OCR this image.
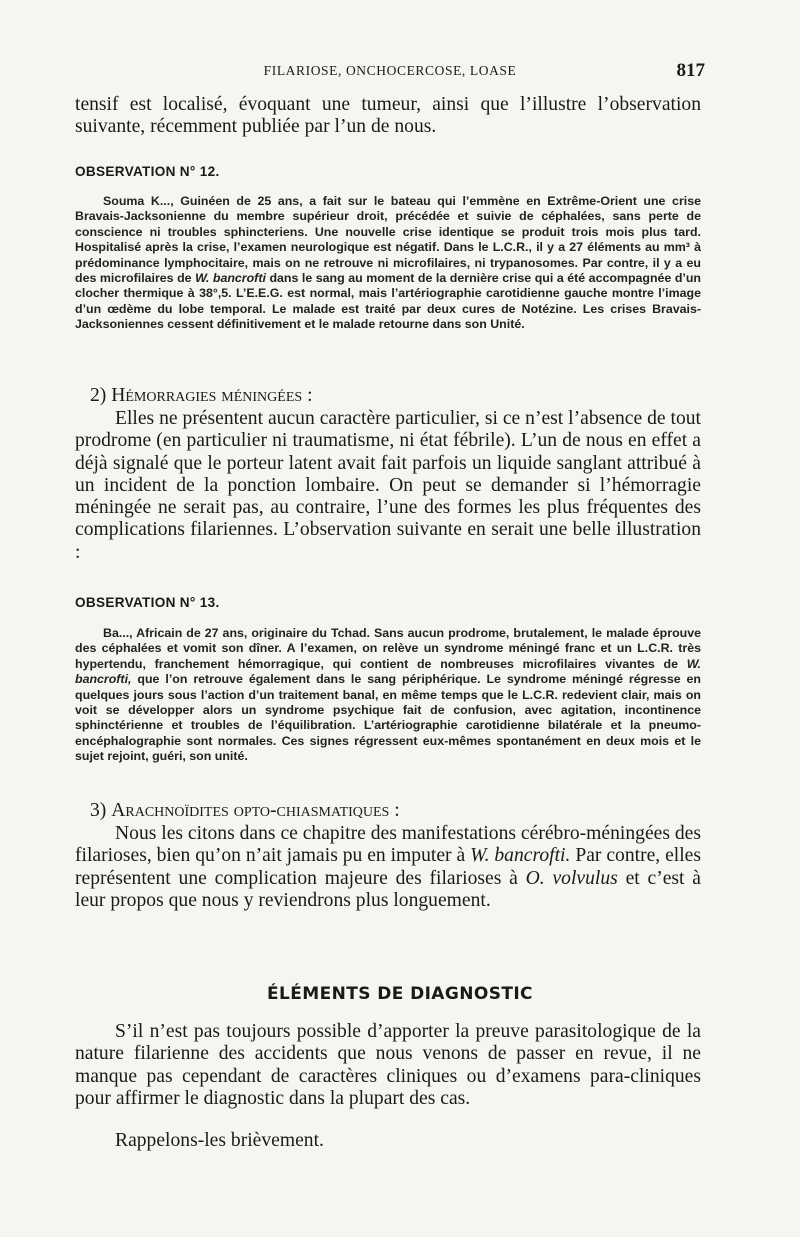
FILARIOSE, ONCHOCERCOSE, LOASE	817

tensif est localisé, évoquant une tumeur, ainsi que l’illustre l’observation suivante, récemment publiée par l’un de nous.

OBSERVATION N° 12.

Souma K..., Guinéen de 25 ans, a fait sur le bateau qui l’emmène en Extrême-Orient une crise Bravais-Jacksonienne du membre supérieur droit, précédée et suivie de céphalées, sans perte de conscience ni troubles sphincteriens. Une nouvelle crise identique se produit trois mois plus tard. Hospitalisé après la crise, l’examen neurologique est négatif. Dans le L.C.R., il y a 27 éléments au mm³ à prédominance lymphocitaire, mais on ne retrouve ni microfilaires, ni trypanosomes. Par contre, il y a eu des microfilaires de W. bancrofti dans le sang au moment de la dernière crise qui a été accompagnée d’un clocher thermique à 38°,5. L’E.E.G. est normal, mais l’artériographie carotidienne gauche montre l’image d’un œdème du lobe temporal. Le malade est traité par deux cures de Notézine. Les crises Bravais-Jacksoniennes cessent définitivement et le malade retourne dans son Unité.

2) Hémorragies méningées :

Elles ne présentent aucun caractère particulier, si ce n’est l’absence de tout prodrome (en particulier ni traumatisme, ni état fébrile). L’un de nous en effet a déjà signalé que le porteur latent avait fait parfois un liquide sanglant attribué à un incident de la ponction lombaire. On peut se demander si l’hémorragie méningée ne serait pas, au contraire, l’une des formes les plus fréquentes des complications filariennes. L’observation suivante en serait une belle illustration :

OBSERVATION N° 13.

Ba..., Africain de 27 ans, originaire du Tchad. Sans aucun prodrome, brutalement, le malade éprouve des céphalées et vomit son dîner. A l’examen, on relève un syndrome méningé franc et un L.C.R. très hypertendu, franchement hémorragique, qui contient de nombreuses microfilaires vivantes de W. bancrofti, que l’on retrouve également dans le sang périphérique. Le syndrome méningé régresse en quelques jours sous l’action d’un traitement banal, en même temps que le L.C.R. redevient clair, mais on voit se développer alors un syndrome psychique fait de confusion, avec agitation, incontinence sphinctérienne et troubles de l’équilibration. L’artériographie carotidienne bilatérale et la pneumo-encéphalographie sont normales. Ces signes régressent eux-mêmes spontanément en deux mois et le sujet rejoint, guéri, son unité.

3) Arachnoïdites opto-chiasmatiques :

Nous les citons dans ce chapitre des manifestations cérébro-méningées des filarioses, bien qu’on n’ait jamais pu en imputer à W. bancrofti. Par contre, elles représentent une complication majeure des filarioses à O. volvulus et c’est à leur propos que nous y reviendrons plus longuement.

ÉLÉMENTS DE DIAGNOSTIC

S’il n’est pas toujours possible d’apporter la preuve parasitologique de la nature filarienne des accidents que nous venons de passer en revue, il ne manque pas cependant de caractères cliniques ou d’examens para-cliniques pour affirmer le diagnostic dans la plupart des cas.

Rappelons-les brièvement.
